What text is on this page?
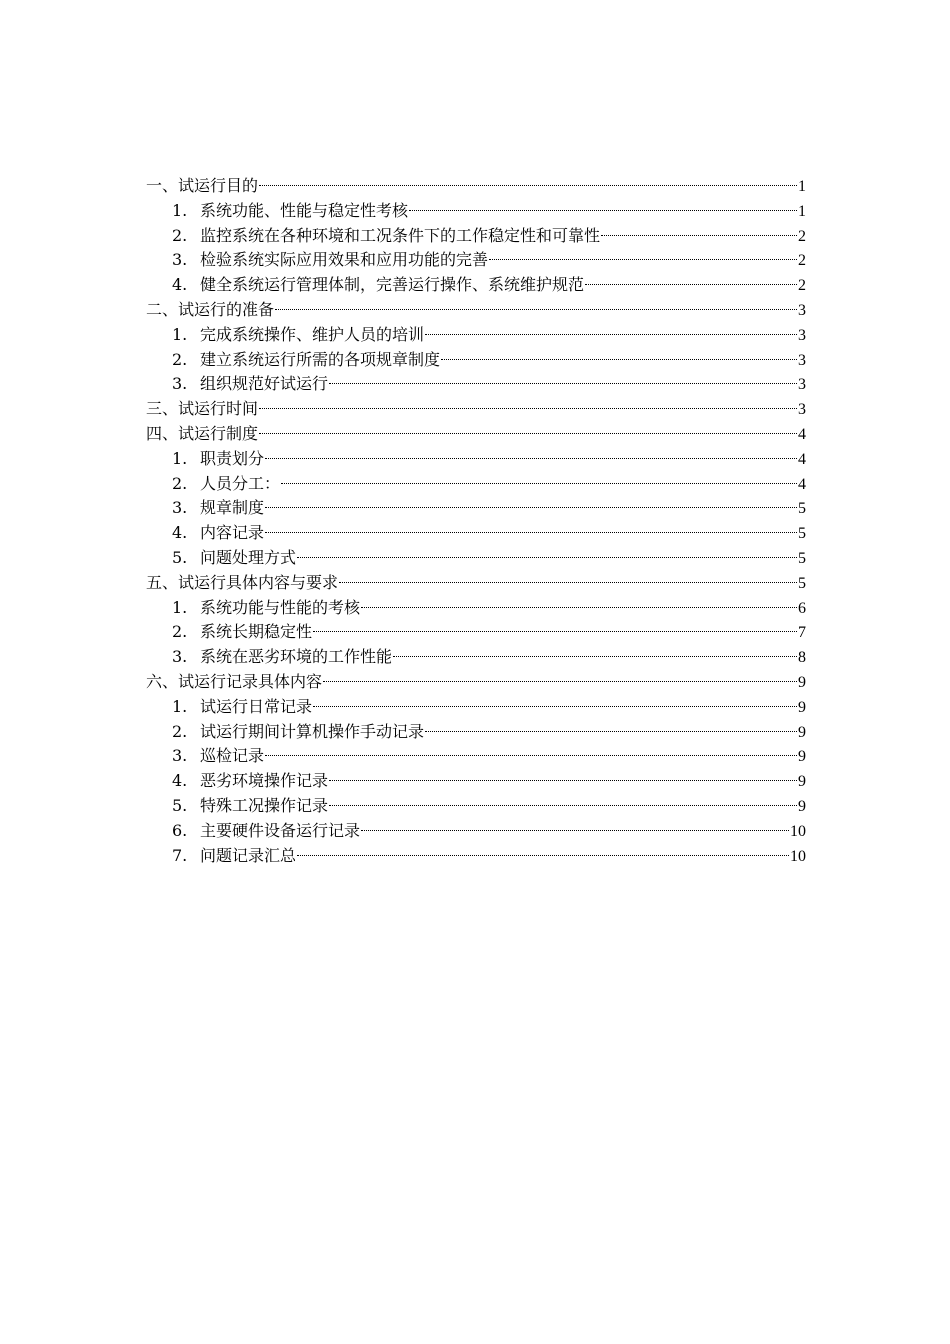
一、试运行目的	1
1. 系统功能、性能与稳定性考核	1
2. 监控系统在各种环境和工况条件下的工作稳定性和可靠性	2
3. 检验系统实际应用效果和应用功能的完善	2
4. 健全系统运行管理体制，完善运行操作、系统维护规范	2
二、试运行的准备	3
1. 完成系统操作、维护人员的培训	3
2. 建立系统运行所需的各项规章制度	3
3. 组织规范好试运行	3
三、试运行时间	3
四、试运行制度	4
1. 职责划分	4
2. 人员分工：	4
3. 规章制度	5
4. 内容记录	5
5. 问题处理方式	5
五、试运行具体内容与要求	5
1. 系统功能与性能的考核	6
2. 系统长期稳定性	7
3. 系统在恶劣环境的工作性能	8
六、试运行记录具体内容	9
1. 试运行日常记录	9
2. 试运行期间计算机操作手动记录	9
3. 巡检记录	9
4. 恶劣环境操作记录	9
5. 特殊工况操作记录	9
6. 主要硬件设备运行记录	10
7. 问题记录汇总	10
